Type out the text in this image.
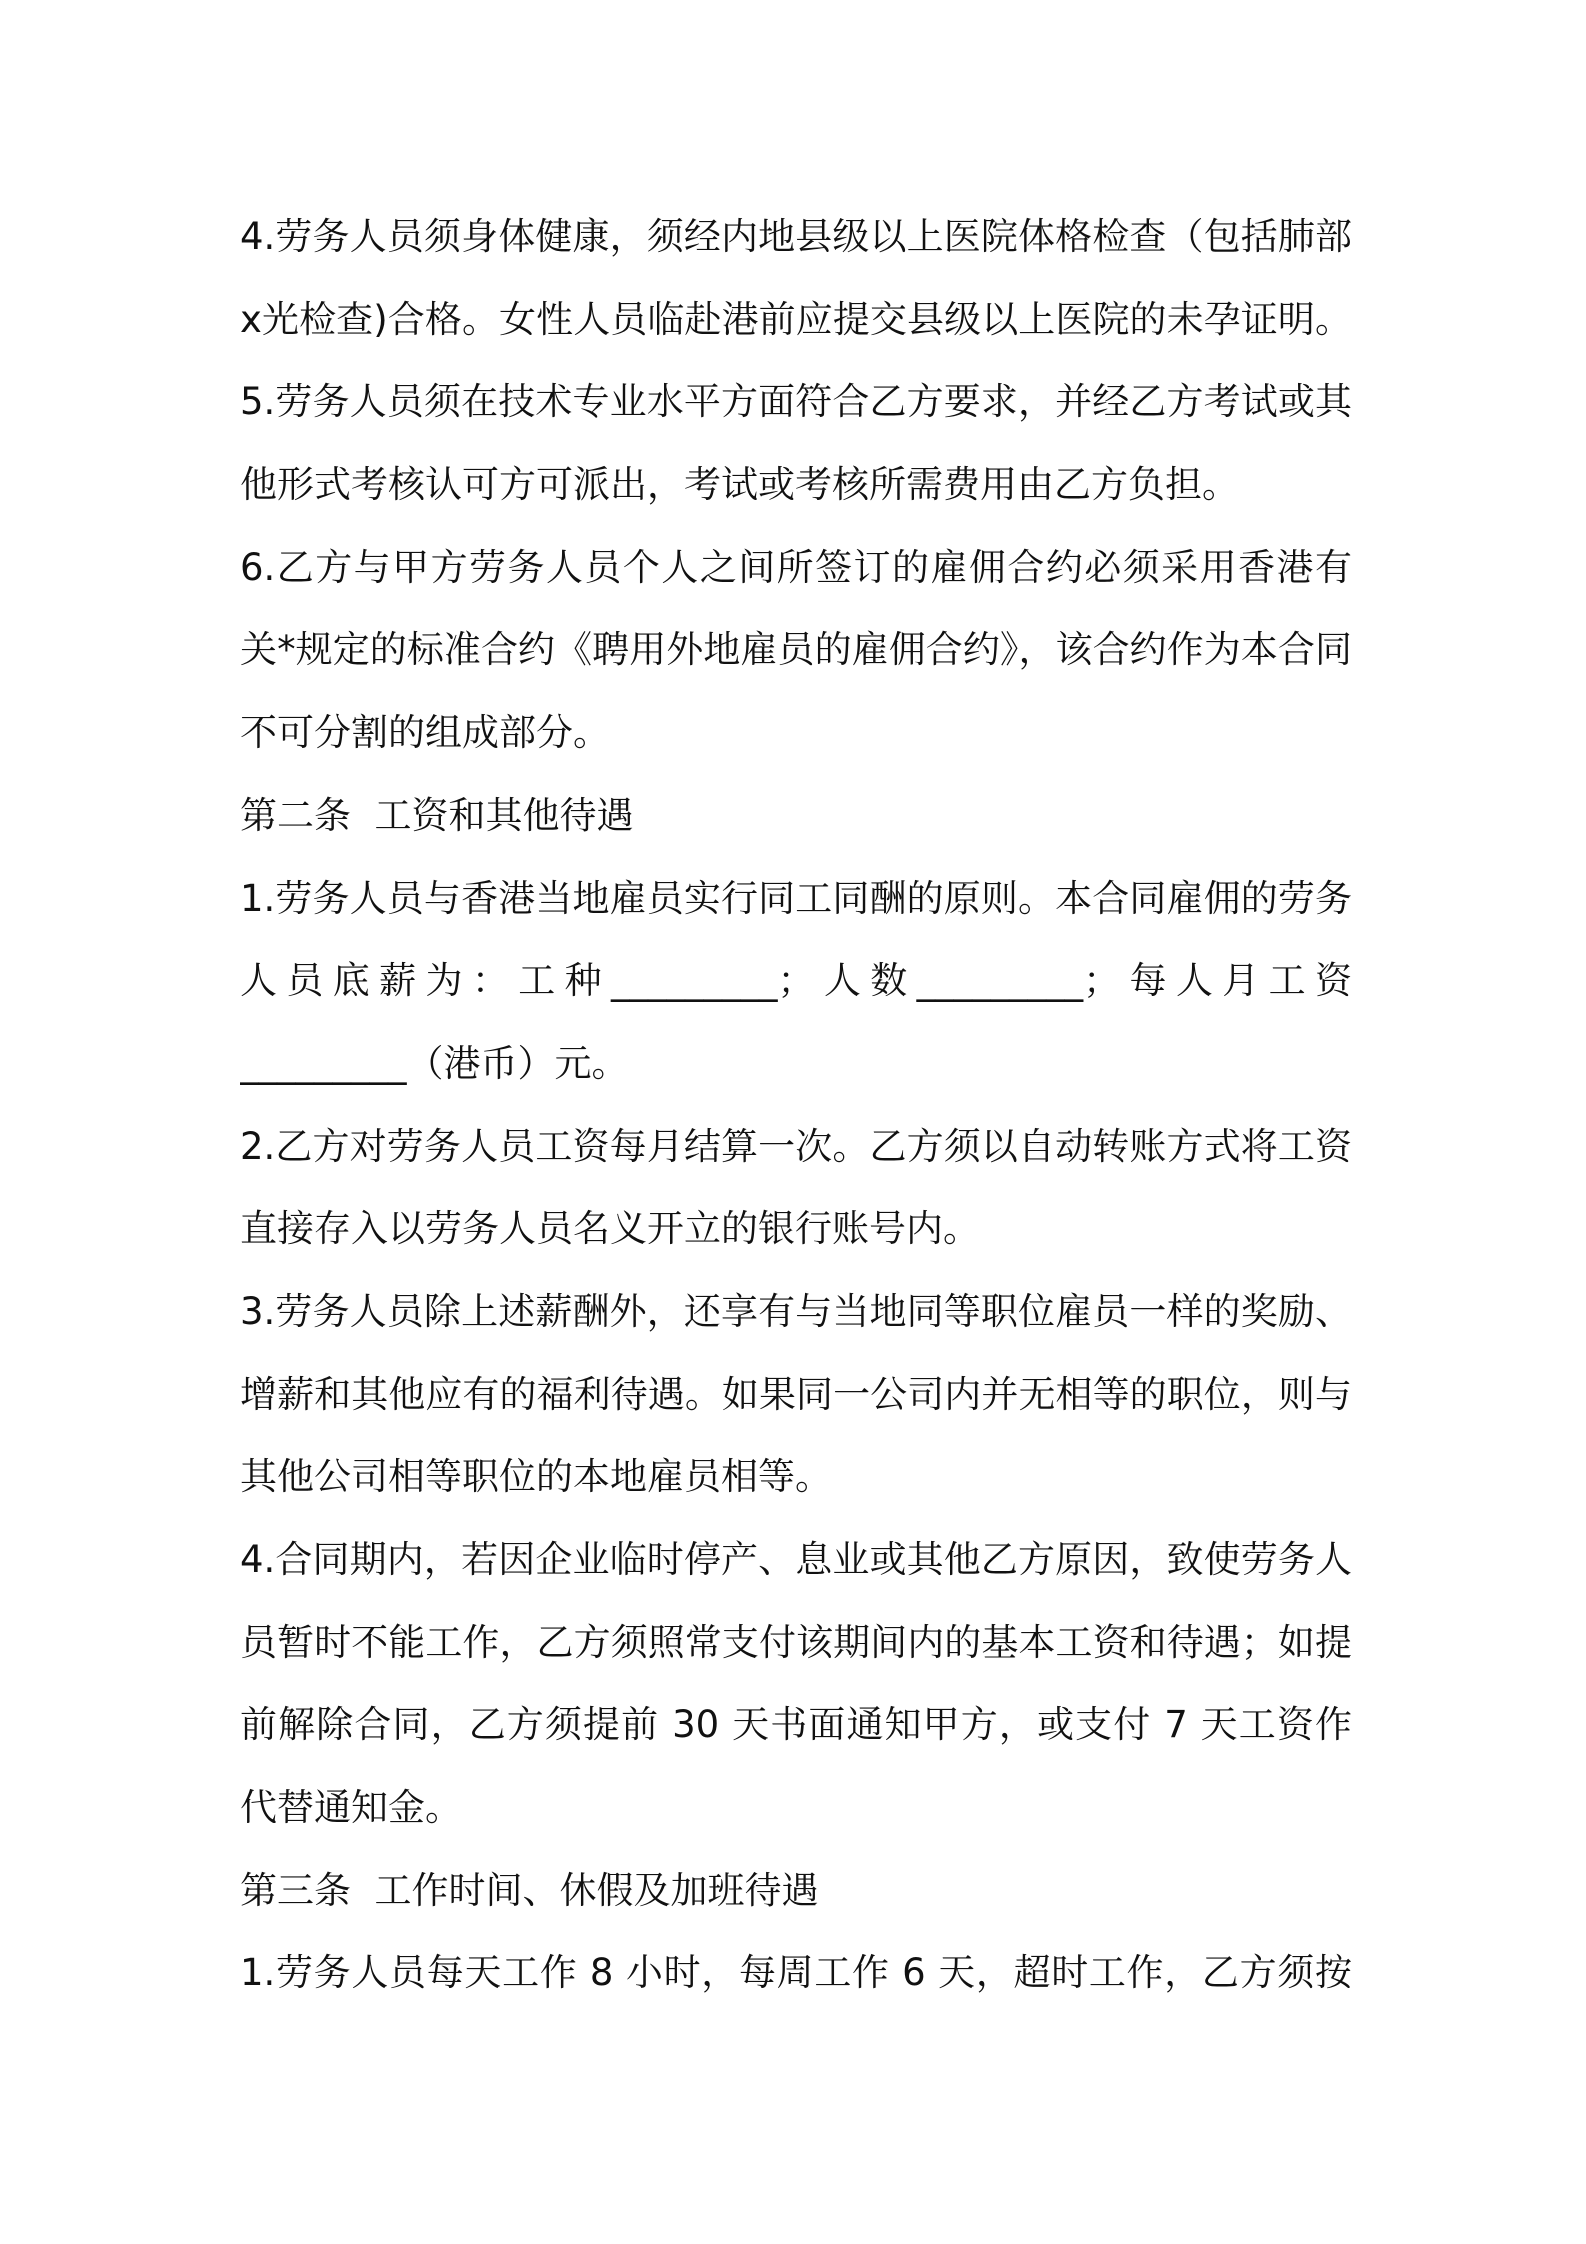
4.劳务人员须身体健康，须经内地县级以上医院体格检查（包括肺部
x光检查)合格。女性人员临赴港前应提交县级以上医院的未孕证明。
5.劳务人员须在技术专业水平方面符合乙方要求，并经乙方考试或其
他形式考核认可方可派出，考试或考核所需费用由乙方负担。
6.乙方与甲方劳务人员个人之间所签订的雇佣合约必须采用香港有
关*规定的标准合约《聘用外地雇员的雇佣合约》，该合约作为本合同
不可分割的组成部分。
第二条  工资和其他待遇
1.劳务人员与香港当地雇员实行同工同酬的原则。本合同雇佣的劳务
人员底薪为：工种_________；人数_________；每人月工资
_________（港币）元。
2.乙方对劳务人员工资每月结算一次。乙方须以自动转账方式将工资
直接存入以劳务人员名义开立的银行账号内。
3.劳务人员除上述薪酬外，还享有与当地同等职位雇员一样的奖励、
增薪和其他应有的福利待遇。如果同一公司内并无相等的职位，则与
其他公司相等职位的本地雇员相等。
4.合同期内，若因企业临时停产、息业或其他乙方原因，致使劳务人
员暂时不能工作，乙方须照常支付该期间内的基本工资和待遇；如提
前解除合同，乙方须提前 30 天书面通知甲方，或支付 7 天工资作
代替通知金。
第三条  工作时间、休假及加班待遇
1.劳务人员每天工作 8 小时，每周工作 6 天，超时工作，乙方须按
